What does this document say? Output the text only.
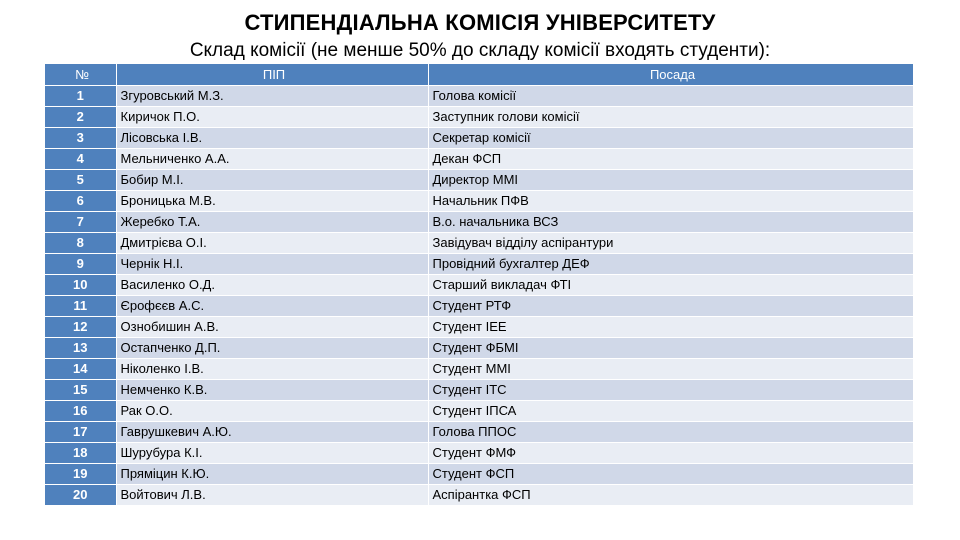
СТИПЕНДІАЛЬНА КОМІСІЯ УНІВЕРСИТЕТУ

Склад комісії (не менше 50% до складу комісії входять студенти):

№	ПІП	Посада
1	Згуровський М.З.	Голова комісії
2	Киричок П.О.	Заступник голови комісії
3	Лісовська І.В.	Секретар комісії
4	Мельниченко А.А.	Декан ФСП
5	Бобир М.І.	Директор ММІ
6	Броницька М.В.	Начальник ПФВ
7	Жеребко Т.А.	В.о. начальника ВСЗ
8	Дмитрієва О.І.	Завідувач відділу аспірантури
9	Чернік Н.І.	Провідний бухгалтер ДЕФ
10	Василенко О.Д.	Старший викладач ФТІ
11	Єрофєєв А.С.	Студент РТФ
12	Ознобишин А.В.	Студент ІЕЕ
13	Остапченко Д.П.	Студент ФБМІ
14	Ніколенко І.В.	Студент ММІ
15	Немченко К.В.	Студент ІТС
16	Рак О.О.	Студент ІПСА
17	Гаврушкевич А.Ю.	Голова ППОС
18	Шурубура К.І.	Студент ФМФ
19	Пряміцин К.Ю.	Студент ФСП
20	Войтович Л.В.	Аспірантка ФСП
